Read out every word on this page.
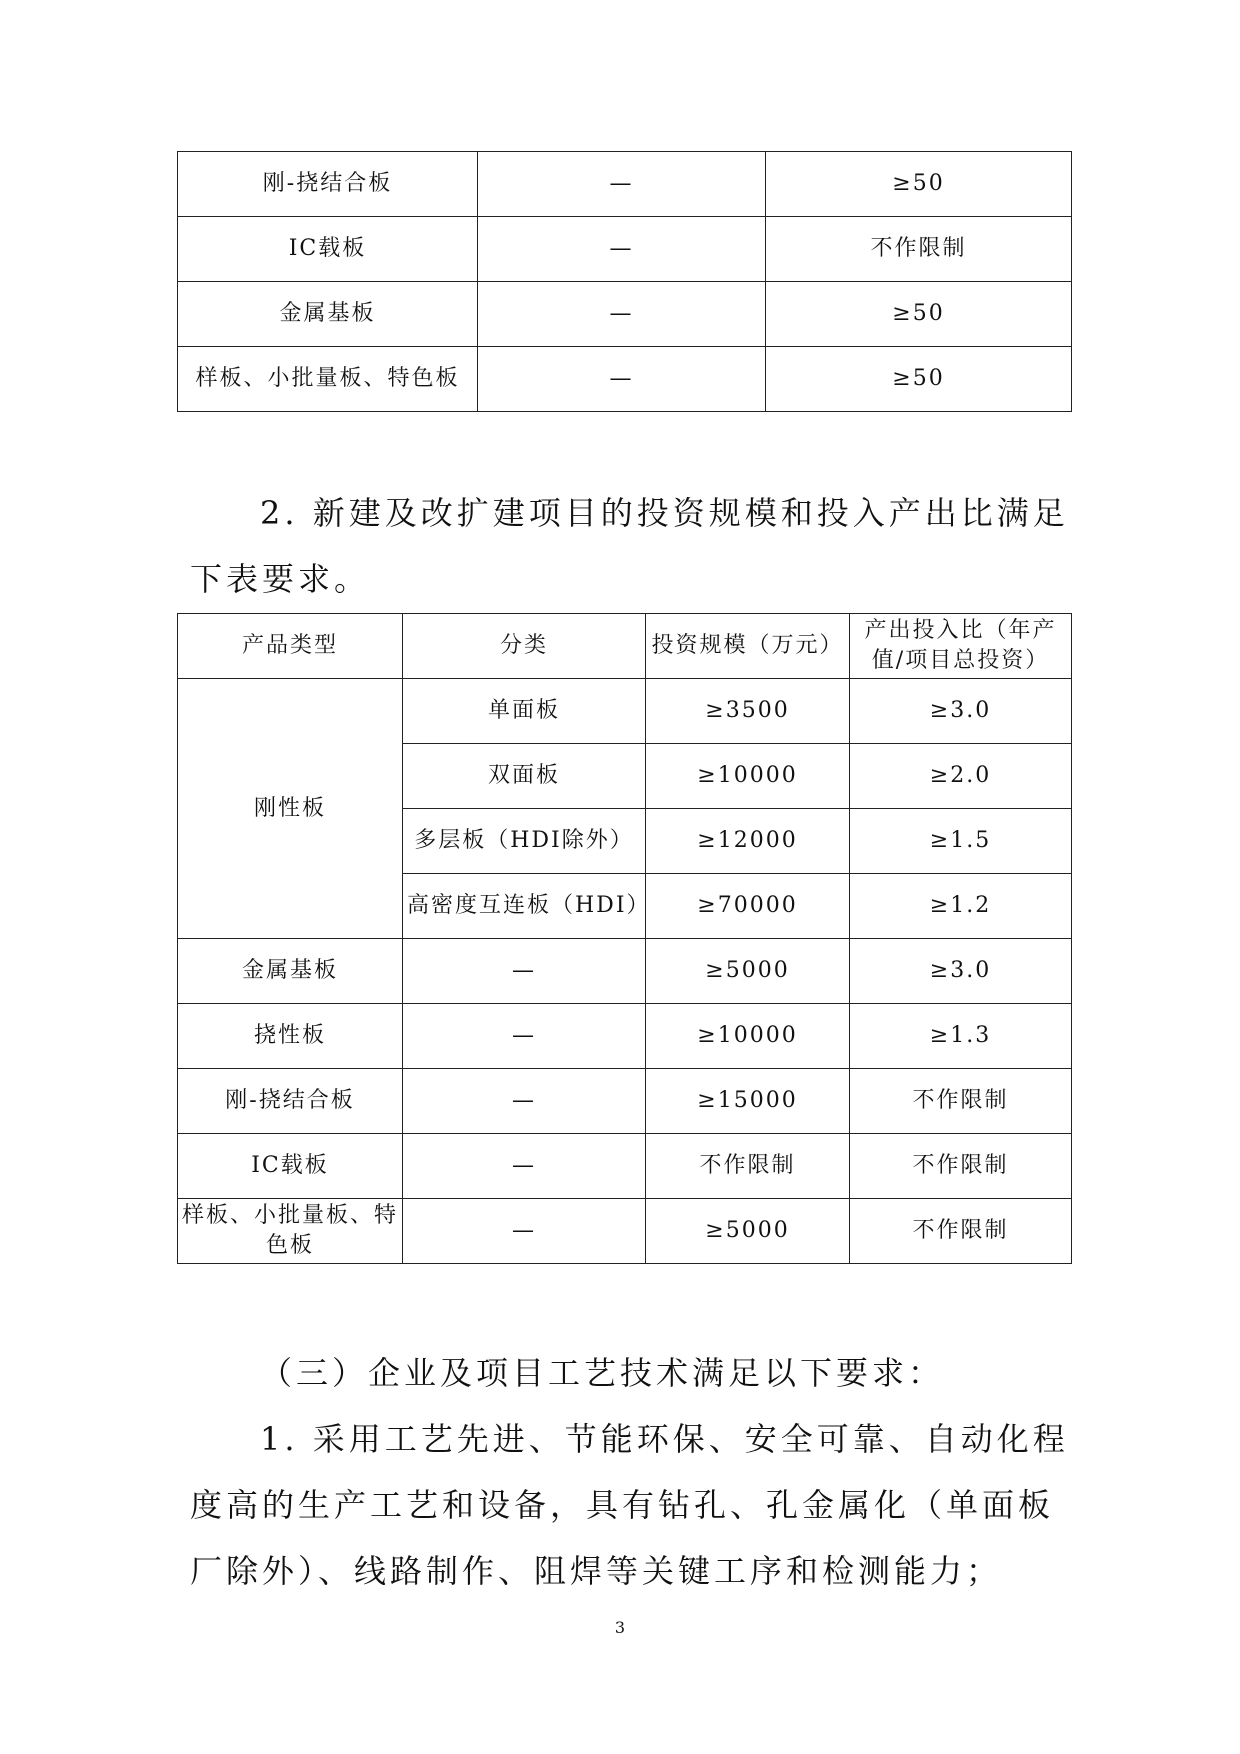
刚-挠结合板	—	≥50
IC载板	—	不作限制
金属基板	—	≥50
样板、小批量板、特色板	—	≥50

2. 新建及改扩建项目的投资规模和投入产出比满足下表要求。

产品类型	分类	投资规模（万元）	产出投入比（年产值/项目总投资）
刚性板	单面板	≥3500	≥3.0
	双面板	≥10000	≥2.0
	多层板（HDI除外）	≥12000	≥1.5
	高密度互连板（HDI）	≥70000	≥1.2
金属基板	—	≥5000	≥3.0
挠性板	—	≥10000	≥1.3
刚-挠结合板	—	≥15000	不作限制
IC载板	—	不作限制	不作限制
样板、小批量板、特色板	—	≥5000	不作限制

（三）企业及项目工艺技术满足以下要求：

1. 采用工艺先进、节能环保、安全可靠、自动化程度高的生产工艺和设备，具有钻孔、孔金属化（单面板厂除外）、线路制作、阻焊等关键工序和检测能力；

3
